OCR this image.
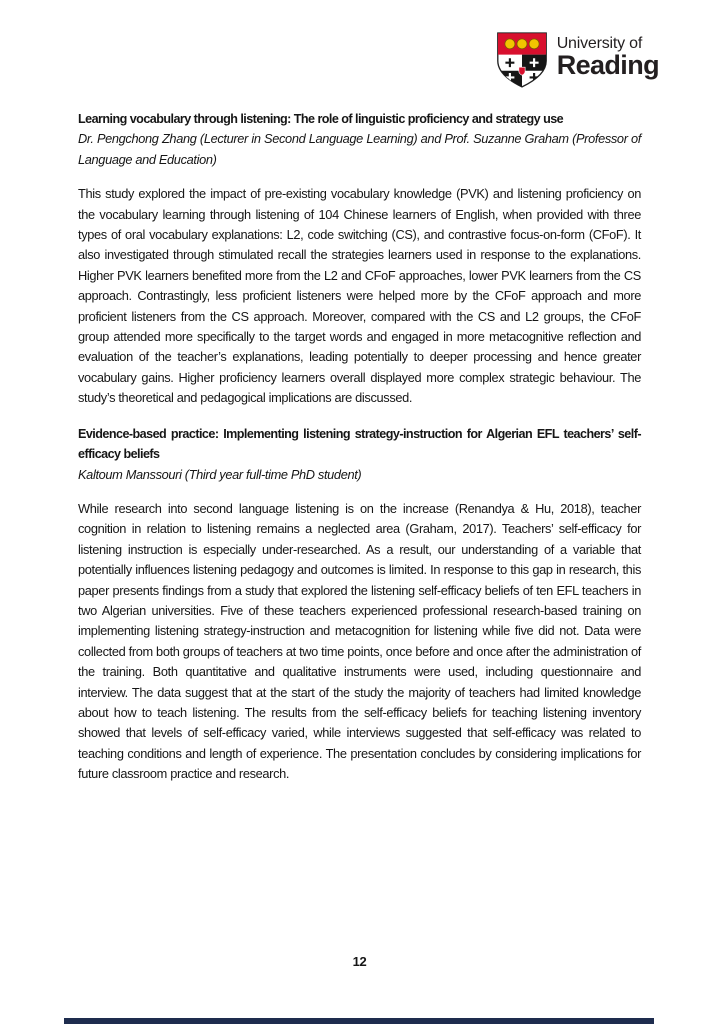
University of
Reading
Learning vocabulary through listening: The role of linguistic proficiency and strategy use

Dr. Pengchong Zhang (Lecturer in Second Language Learning) and Prof. Suzanne Graham (Professor of Language and Education)

This study explored the impact of pre-existing vocabulary knowledge (PVK) and listening proficiency on the vocabulary learning through listening of 104 Chinese learners of English, when provided with three types of oral vocabulary explanations: L2, code switching (CS), and contrastive focus-on-form (CFoF). It also investigated through stimulated recall the strategies learners used in response to the explanations. Higher PVK learners benefited more from the L2 and CFoF approaches, lower PVK learners from the CS approach. Contrastingly, less proficient listeners were helped more by the CFoF approach and more proficient listeners from the CS approach. Moreover, compared with the CS and L2 groups, the CFoF group attended more specifically to the target words and engaged in more metacognitive reflection and evaluation of the teacher’s explanations, leading potentially to deeper processing and hence greater vocabulary gains. Higher proficiency learners overall displayed more complex strategic behaviour. The study’s theoretical and pedagogical implications are discussed.

Evidence-based practice: Implementing listening strategy-instruction for Algerian EFL teachers’ self-efficacy beliefs

Kaltoum Manssouri (Third year full-time PhD student)

While research into second language listening is on the increase (Renandya & Hu, 2018), teacher cognition in relation to listening remains a neglected area (Graham, 2017). Teachers’ self-efficacy for listening instruction is especially under-researched. As a result, our understanding of a variable that potentially influences listening pedagogy and outcomes is limited. In response to this gap in research, this paper presents findings from a study that explored the listening self-efficacy beliefs of ten EFL teachers in two Algerian universities. Five of these teachers experienced professional research-based training on implementing listening strategy-instruction and metacognition for listening while five did not. Data were collected from both groups of teachers at two time points, once before and once after the administration of the training. Both quantitative and qualitative instruments were used, including questionnaire and interview. The data suggest that at the start of the study the majority of teachers had limited knowledge about how to teach listening. The results from the self-efficacy beliefs for teaching listening inventory showed that levels of self-efficacy varied, while interviews suggested that self-efficacy was related to teaching conditions and length of experience. The presentation concludes by considering implications for future classroom practice and research.

12
